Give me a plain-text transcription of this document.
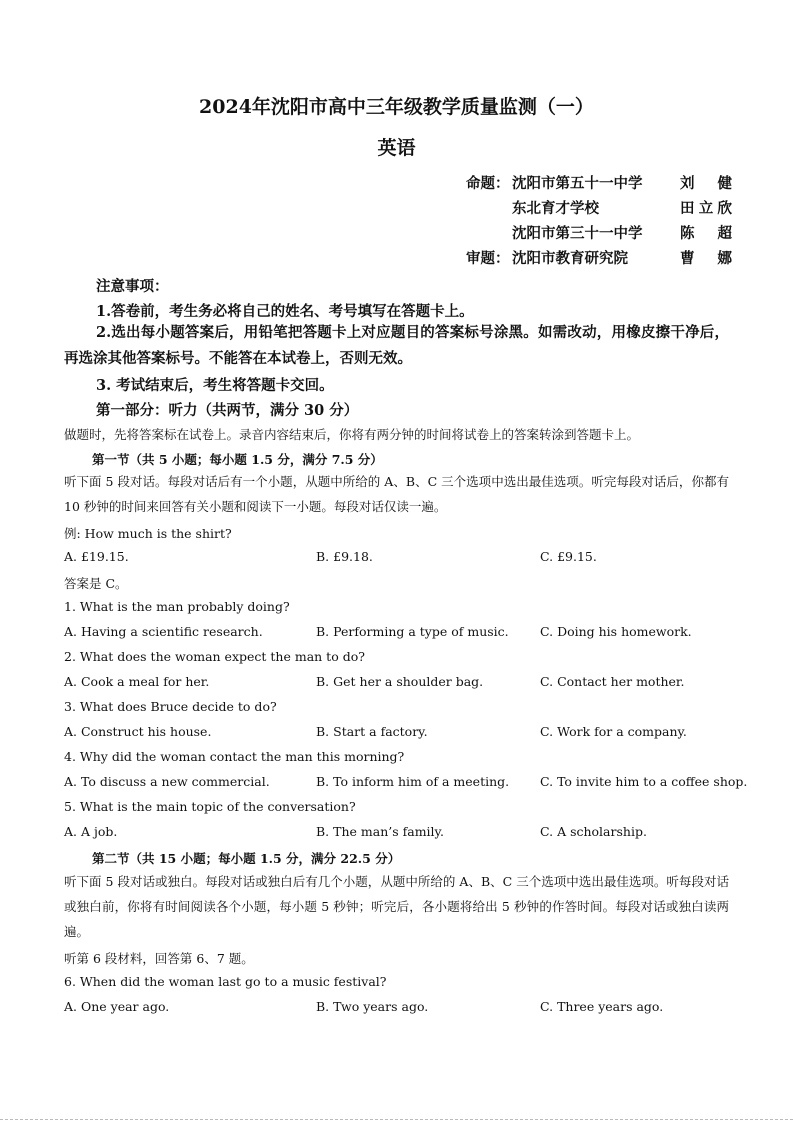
2024年沈阳市高中三年级教学质量监测（一）
英语
命题： 沈阳市第五十一中学	刘 健
东北育才学校	田立欣
沈阳市第三十一中学	陈 超
审题： 沈阳市教育研究院	曹 娜
注意事项：
1.答卷前，考生务必将自己的姓名、考号填写在答题卡上。
2.选出每小题答案后，用铅笔把答题卡上对应题目的答案标号涂黑。如需改动，用橡皮擦干净后，再选涂其他答案标号。不能答在本试卷上，否则无效。
3. 考试结束后，考生将答题卡交回。
第一部分：听力（共两节，满分 30 分）
做题时，先将答案标在试卷上。录音内容结束后，你将有两分钟的时间将试卷上的答案转涂到答题卡上。
第一节（共 5 小题；每小题 1.5 分，满分 7.5 分）
听下面 5 段对话。每段对话后有一个小题，从题中所给的 A、B、C 三个选项中选出最佳选项。听完每段对话后，你都有 10 秒钟的时间来回答有关小题和阅读下一小题。每段对话仅读一遍。
例: How much is the shirt?
A. £19.15.	B. £9.18.	C. £9.15.
答案是 C。
1. What is the man probably doing?
A. Having a scientific research.	B. Performing a type of music.	C. Doing his homework.
2. What does the woman expect the man to do?
A. Cook a meal for her.	B. Get her a shoulder bag.	C. Contact her mother.
3. What does Bruce decide to do?
A. Construct his house.	B. Start a factory.	C. Work for a company.
4. Why did the woman contact the man this morning?
A. To discuss a new commercial.	B. To inform him of a meeting. C. To invite him to a coffee shop.
5. What is the main topic of the conversation?
A. A job.	B. The man’s family.	C. A scholarship.
第二节（共 15 小题；每小题 1.5 分，满分 22.5 分）
听下面 5 段对话或独白。每段对话或独白后有几个小题，从题中所给的 A、B、C 三个选项中选出最佳选项。听每段对话或独白前，你将有时间阅读各个小题，每小题 5 秒钟；听完后，各小题将给出 5 秒钟的作答时间。每段对话或独白读两遍。
听第 6 段材料，回答第 6、7 题。
6. When did the woman last go to a music festival?
A. One year ago.	B. Two years ago.	C. Three years ago.
